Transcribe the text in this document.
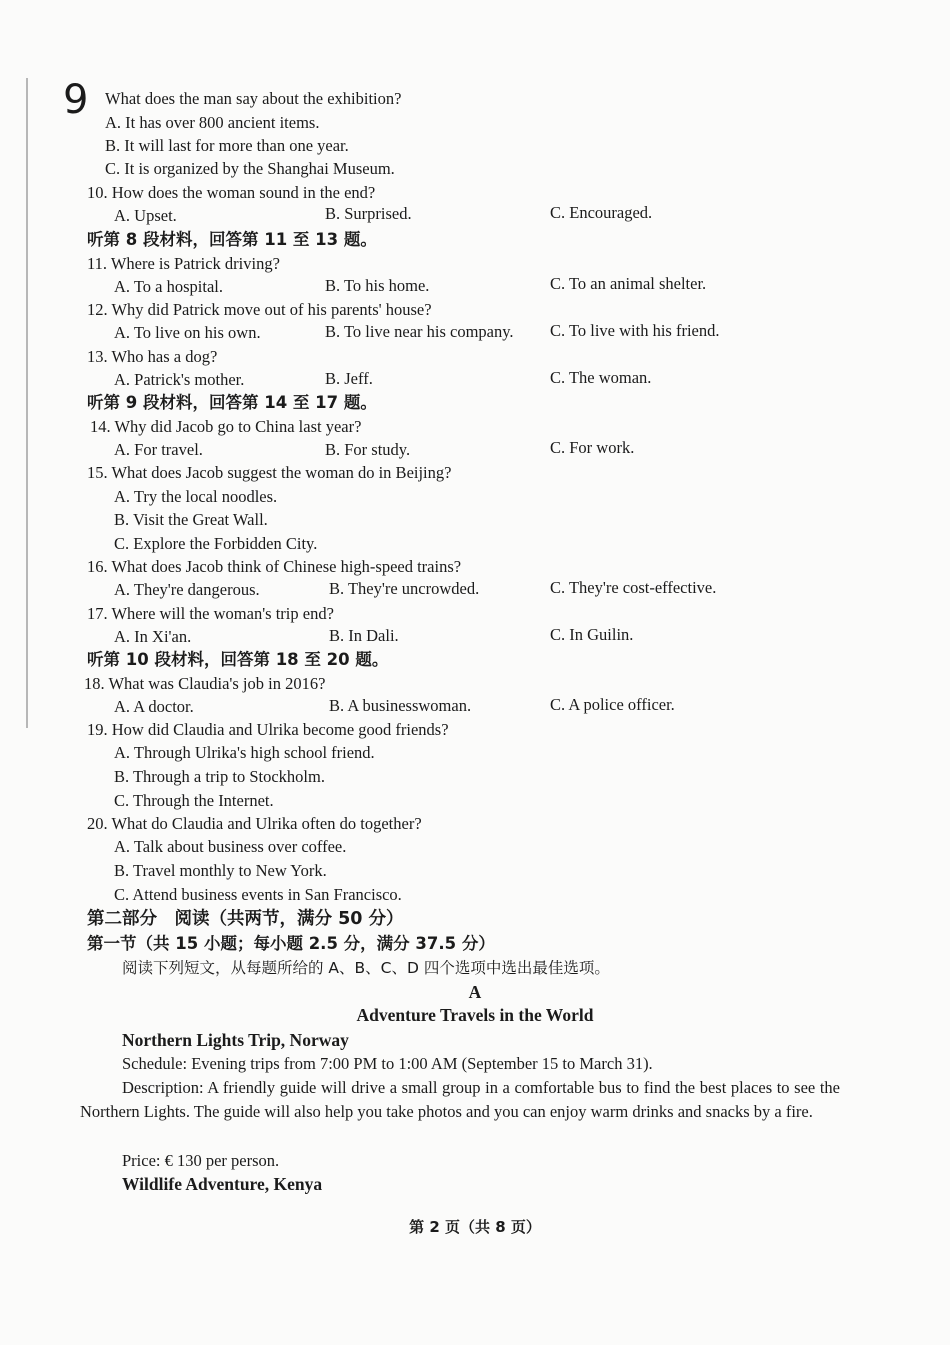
9 What does the man say about the exhibition?
A. It has over 800 ancient items.
B. It will last for more than one year.
C. It is organized by the Shanghai Museum.
10. How does the woman sound in the end?
A. Upset.	B. Surprised.	C. Encouraged.
听第 8 段材料，回答第 11 至 13 题。
11. Where is Patrick driving?
A. To a hospital.	B. To his home.	C. To an animal shelter.
12. Why did Patrick move out of his parents' house?
A. To live on his own.	B. To live near his company. C. To live with his friend.
13. Who has a dog?
A. Patrick's mother.	B. Jeff.	C. The woman.
听第 9 段材料，回答第 14 至 17 题。
14. Why did Jacob go to China last year?
A. For travel.	B. For study.	C. For work.
15. What does Jacob suggest the woman do in Beijing?
A. Try the local noodles.
B. Visit the Great Wall.
C. Explore the Forbidden City.
16. What does Jacob think of Chinese high-speed trains?
A. They're dangerous.	B. They're uncrowded.	C. They're cost-effective.
17. Where will the woman's trip end?
A. In Xi'an.	B. In Dali.	C. In Guilin.
听第 10 段材料，回答第 18 至 20 题。
18. What was Claudia's job in 2016?
A. A doctor.	B. A businesswoman.	C. A police officer.
19. How did Claudia and Ulrika become good friends?
A. Through Ulrika's high school friend.
B. Through a trip to Stockholm.
C. Through the Internet.
20. What do Claudia and Ulrika often do together?
A. Talk about business over coffee.
B. Travel monthly to New York.
C. Attend business events in San Francisco.
第二部分　阅读（共两节，满分 50 分）
第一节（共 15 小题；每小题 2.5 分，满分 37.5 分）
阅读下列短文，从每题所给的 A、B、C、D 四个选项中选出最佳选项。
A
Adventure Travels in the World
Northern Lights Trip, Norway
Schedule: Evening trips from 7:00 PM to 1:00 AM (September 15 to March 31).
Description: A friendly guide will drive a small group in a comfortable bus to find the best places to see the Northern Lights. The guide will also help you take photos and you can enjoy warm drinks and snacks by a fire.
Price: € 130 per person.
Wildlife Adventure, Kenya
第 2 页（共 8 页）
